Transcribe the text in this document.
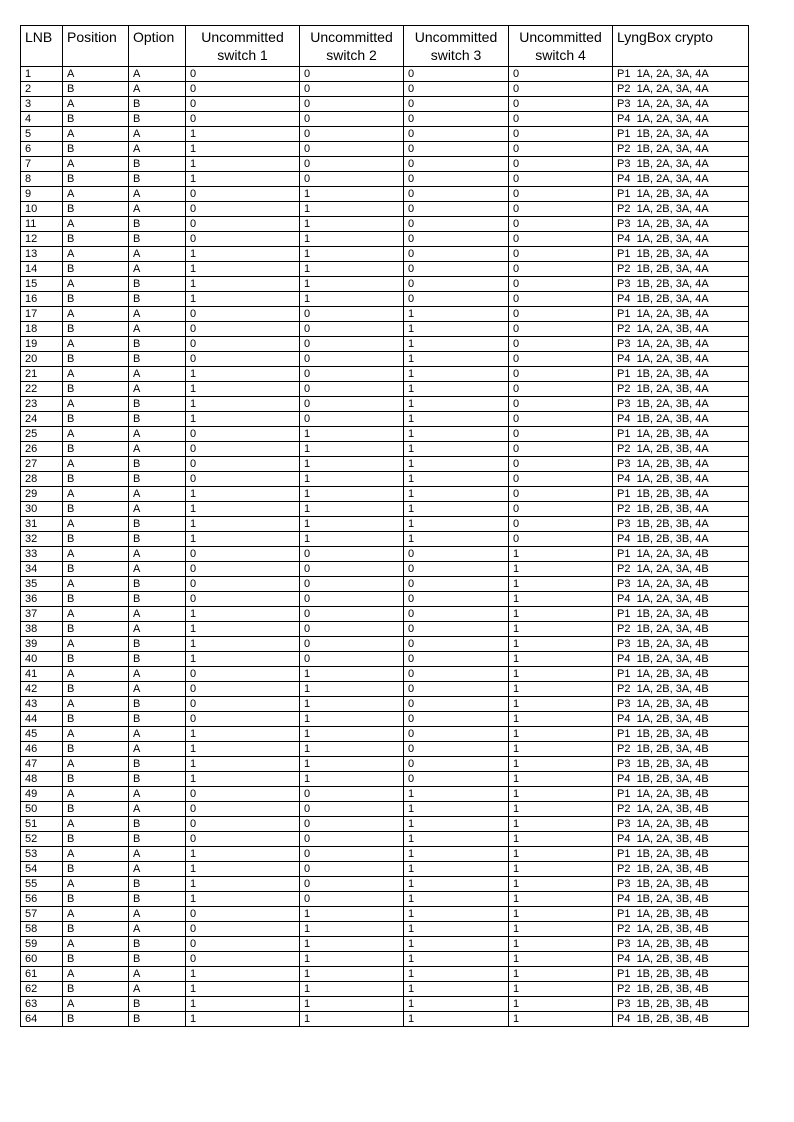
LNB	Position	Option	Uncommitted switch 1	Uncommitted switch 2	Uncommitted switch 3	Uncommitted switch 4	LyngBox crypto
1	A	A	0	0	0	0	P1  1A, 2A, 3A, 4A
2	B	A	0	0	0	0	P2  1A, 2A, 3A, 4A
3	A	B	0	0	0	0	P3  1A, 2A, 3A, 4A
4	B	B	0	0	0	0	P4  1A, 2A, 3A, 4A
5	A	A	1	0	0	0	P1  1B, 2A, 3A, 4A
6	B	A	1	0	0	0	P2  1B, 2A, 3A, 4A
7	A	B	1	0	0	0	P3  1B, 2A, 3A, 4A
8	B	B	1	0	0	0	P4  1B, 2A, 3A, 4A
9	A	A	0	1	0	0	P1  1A, 2B, 3A, 4A
10	B	A	0	1	0	0	P2  1A, 2B, 3A, 4A
11	A	B	0	1	0	0	P3  1A, 2B, 3A, 4A
12	B	B	0	1	0	0	P4  1A, 2B, 3A, 4A
13	A	A	1	1	0	0	P1  1B, 2B, 3A, 4A
14	B	A	1	1	0	0	P2  1B, 2B, 3A, 4A
15	A	B	1	1	0	0	P3  1B, 2B, 3A, 4A
16	B	B	1	1	0	0	P4  1B, 2B, 3A, 4A
17	A	A	0	0	1	0	P1  1A, 2A, 3B, 4A
18	B	A	0	0	1	0	P2  1A, 2A, 3B, 4A
19	A	B	0	0	1	0	P3  1A, 2A, 3B, 4A
20	B	B	0	0	1	0	P4  1A, 2A, 3B, 4A
21	A	A	1	0	1	0	P1  1B, 2A, 3B, 4A
22	B	A	1	0	1	0	P2  1B, 2A, 3B, 4A
23	A	B	1	0	1	0	P3  1B, 2A, 3B, 4A
24	B	B	1	0	1	0	P4  1B, 2A, 3B, 4A
25	A	A	0	1	1	0	P1  1A, 2B, 3B, 4A
26	B	A	0	1	1	0	P2  1A, 2B, 3B, 4A
27	A	B	0	1	1	0	P3  1A, 2B, 3B, 4A
28	B	B	0	1	1	0	P4  1A, 2B, 3B, 4A
29	A	A	1	1	1	0	P1  1B, 2B, 3B, 4A
30	B	A	1	1	1	0	P2  1B, 2B, 3B, 4A
31	A	B	1	1	1	0	P3  1B, 2B, 3B, 4A
32	B	B	1	1	1	0	P4  1B, 2B, 3B, 4A
33	A	A	0	0	0	1	P1  1A, 2A, 3A, 4B
34	B	A	0	0	0	1	P2  1A, 2A, 3A, 4B
35	A	B	0	0	0	1	P3  1A, 2A, 3A, 4B
36	B	B	0	0	0	1	P4  1A, 2A, 3A, 4B
37	A	A	1	0	0	1	P1  1B, 2A, 3A, 4B
38	B	A	1	0	0	1	P2  1B, 2A, 3A, 4B
39	A	B	1	0	0	1	P3  1B, 2A, 3A, 4B
40	B	B	1	0	0	1	P4  1B, 2A, 3A, 4B
41	A	A	0	1	0	1	P1  1A, 2B, 3A, 4B
42	B	A	0	1	0	1	P2  1A, 2B, 3A, 4B
43	A	B	0	1	0	1	P3  1A, 2B, 3A, 4B
44	B	B	0	1	0	1	P4  1A, 2B, 3A, 4B
45	A	A	1	1	0	1	P1  1B, 2B, 3A, 4B
46	B	A	1	1	0	1	P2  1B, 2B, 3A, 4B
47	A	B	1	1	0	1	P3  1B, 2B, 3A, 4B
48	B	B	1	1	0	1	P4  1B, 2B, 3A, 4B
49	A	A	0	0	1	1	P1  1A, 2A, 3B, 4B
50	B	A	0	0	1	1	P2  1A, 2A, 3B, 4B
51	A	B	0	0	1	1	P3  1A, 2A, 3B, 4B
52	B	B	0	0	1	1	P4  1A, 2A, 3B, 4B
53	A	A	1	0	1	1	P1  1B, 2A, 3B, 4B
54	B	A	1	0	1	1	P2  1B, 2A, 3B, 4B
55	A	B	1	0	1	1	P3  1B, 2A, 3B, 4B
56	B	B	1	0	1	1	P4  1B, 2A, 3B, 4B
57	A	A	0	1	1	1	P1  1A, 2B, 3B, 4B
58	B	A	0	1	1	1	P2  1A, 2B, 3B, 4B
59	A	B	0	1	1	1	P3  1A, 2B, 3B, 4B
60	B	B	0	1	1	1	P4  1A, 2B, 3B, 4B
61	A	A	1	1	1	1	P1  1B, 2B, 3B, 4B
62	B	A	1	1	1	1	P2  1B, 2B, 3B, 4B
63	A	B	1	1	1	1	P3  1B, 2B, 3B, 4B
64	B	B	1	1	1	1	P4  1B, 2B, 3B, 4B
